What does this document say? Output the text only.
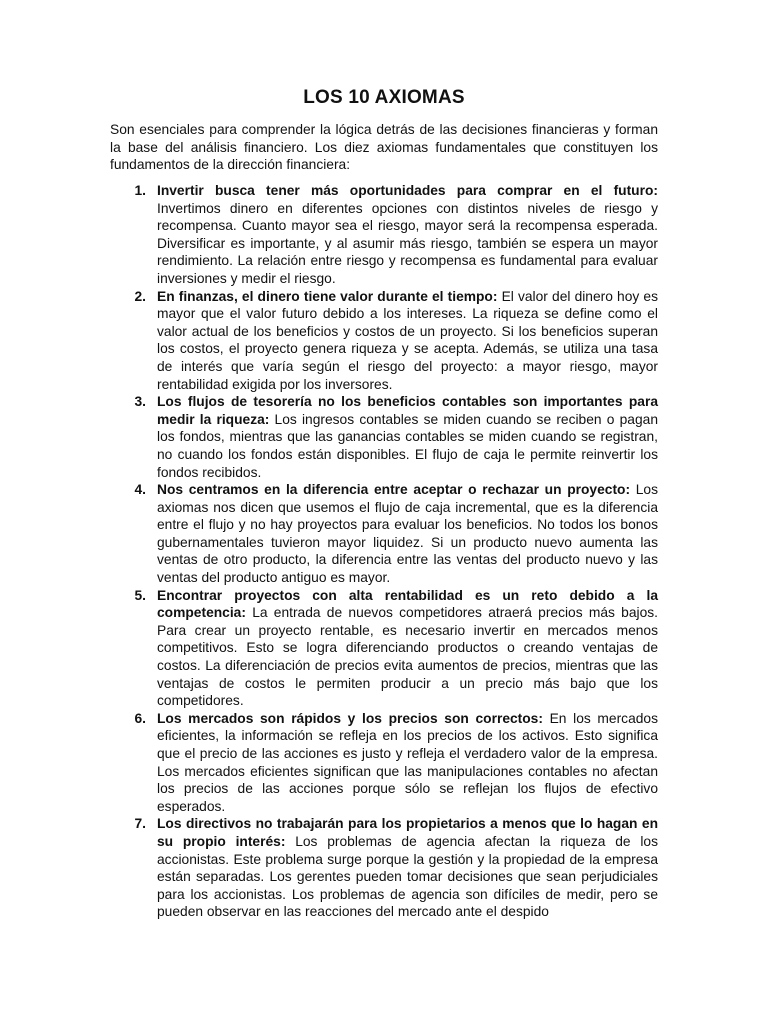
LOS 10 AXIOMAS

Son esenciales para comprender la lógica detrás de las decisiones financieras y forman la base del análisis financiero. Los diez axiomas fundamentales que constituyen los fundamentos de la dirección financiera:

1. Invertir busca tener más oportunidades para comprar en el futuro: Invertimos dinero en diferentes opciones con distintos niveles de riesgo y recompensa. Cuanto mayor sea el riesgo, mayor será la recompensa esperada. Diversificar es importante, y al asumir más riesgo, también se espera un mayor rendimiento. La relación entre riesgo y recompensa es fundamental para evaluar inversiones y medir el riesgo.
2. En finanzas, el dinero tiene valor durante el tiempo: El valor del dinero hoy es mayor que el valor futuro debido a los intereses. La riqueza se define como el valor actual de los beneficios y costos de un proyecto. Si los beneficios superan los costos, el proyecto genera riqueza y se acepta. Además, se utiliza una tasa de interés que varía según el riesgo del proyecto: a mayor riesgo, mayor rentabilidad exigida por los inversores.
3. Los flujos de tesorería no los beneficios contables son importantes para medir la riqueza: Los ingresos contables se miden cuando se reciben o pagan los fondos, mientras que las ganancias contables se miden cuando se registran, no cuando los fondos están disponibles. El flujo de caja le permite reinvertir los fondos recibidos.
4. Nos centramos en la diferencia entre aceptar o rechazar un proyecto: Los axiomas nos dicen que usemos el flujo de caja incremental, que es la diferencia entre el flujo y no hay proyectos para evaluar los beneficios. No todos los bonos gubernamentales tuvieron mayor liquidez. Si un producto nuevo aumenta las ventas de otro producto, la diferencia entre las ventas del producto nuevo y las ventas del producto antiguo es mayor.
5. Encontrar proyectos con alta rentabilidad es un reto debido a la competencia: La entrada de nuevos competidores atraerá precios más bajos. Para crear un proyecto rentable, es necesario invertir en mercados menos competitivos. Esto se logra diferenciando productos o creando ventajas de costos. La diferenciación de precios evita aumentos de precios, mientras que las ventajas de costos le permiten producir a un precio más bajo que los competidores.
6. Los mercados son rápidos y los precios son correctos: En los mercados eficientes, la información se refleja en los precios de los activos. Esto significa que el precio de las acciones es justo y refleja el verdadero valor de la empresa. Los mercados eficientes significan que las manipulaciones contables no afectan los precios de las acciones porque sólo se reflejan los flujos de efectivo esperados.
7. Los directivos no trabajarán para los propietarios a menos que lo hagan en su propio interés: Los problemas de agencia afectan la riqueza de los accionistas. Este problema surge porque la gestión y la propiedad de la empresa están separadas. Los gerentes pueden tomar decisiones que sean perjudiciales para los accionistas. Los problemas de agencia son difíciles de medir, pero se pueden observar en las reacciones del mercado ante el despido
